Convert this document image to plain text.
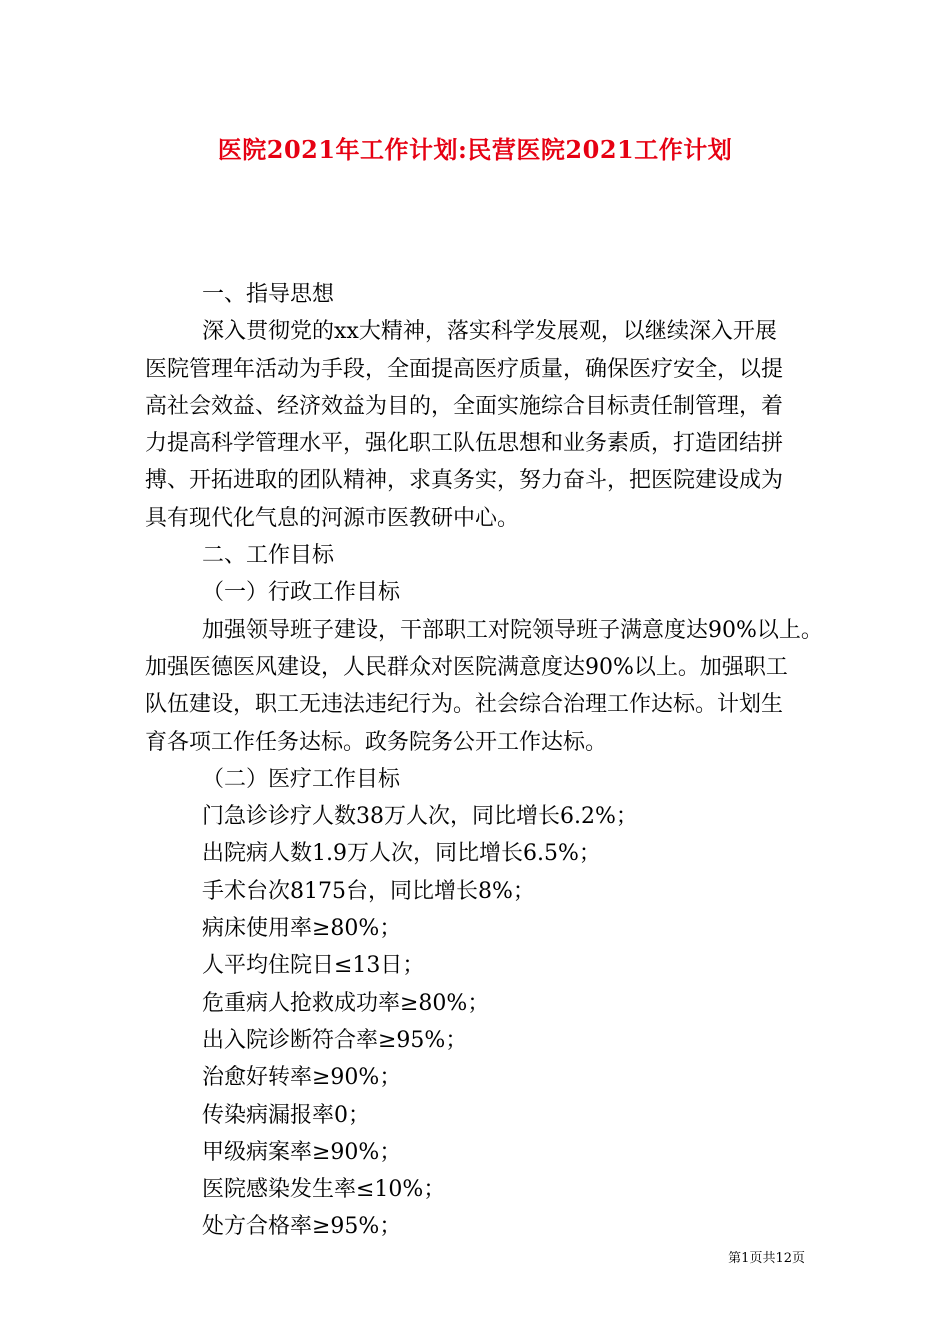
医院2021年工作计划:民营医院2021工作计划
一、指导思想
深入贯彻党的xx大精神，落实科学发展观，以继续深入开展
医院管理年活动为手段，全面提高医疗质量，确保医疗安全，以提
高社会效益、经济效益为目的，全面实施综合目标责任制管理，着
力提高科学管理水平，强化职工队伍思想和业务素质，打造团结拼
搏、开拓进取的团队精神，求真务实，努力奋斗，把医院建设成为
具有现代化气息的河源市医教研中心。
二、工作目标
（一）行政工作目标
加强领导班子建设，干部职工对院领导班子满意度达90%以上。
加强医德医风建设，人民群众对医院满意度达90%以上。加强职工
队伍建设，职工无违法违纪行为。社会综合治理工作达标。计划生
育各项工作任务达标。政务院务公开工作达标。
（二）医疗工作目标
门急诊诊疗人数38万人次，同比增长6.2%；
出院病人数1.9万人次，同比增长6.5%；
手术台次8175台，同比增长8%；
病床使用率≥80%；
人平均住院日≤13日；
危重病人抢救成功率≥80%；
出入院诊断符合率≥95%；
治愈好转率≥90%；
传染病漏报率0；
甲级病案率≥90%；
医院感染发生率≤10%；
处方合格率≥95%；
第1页共12页
